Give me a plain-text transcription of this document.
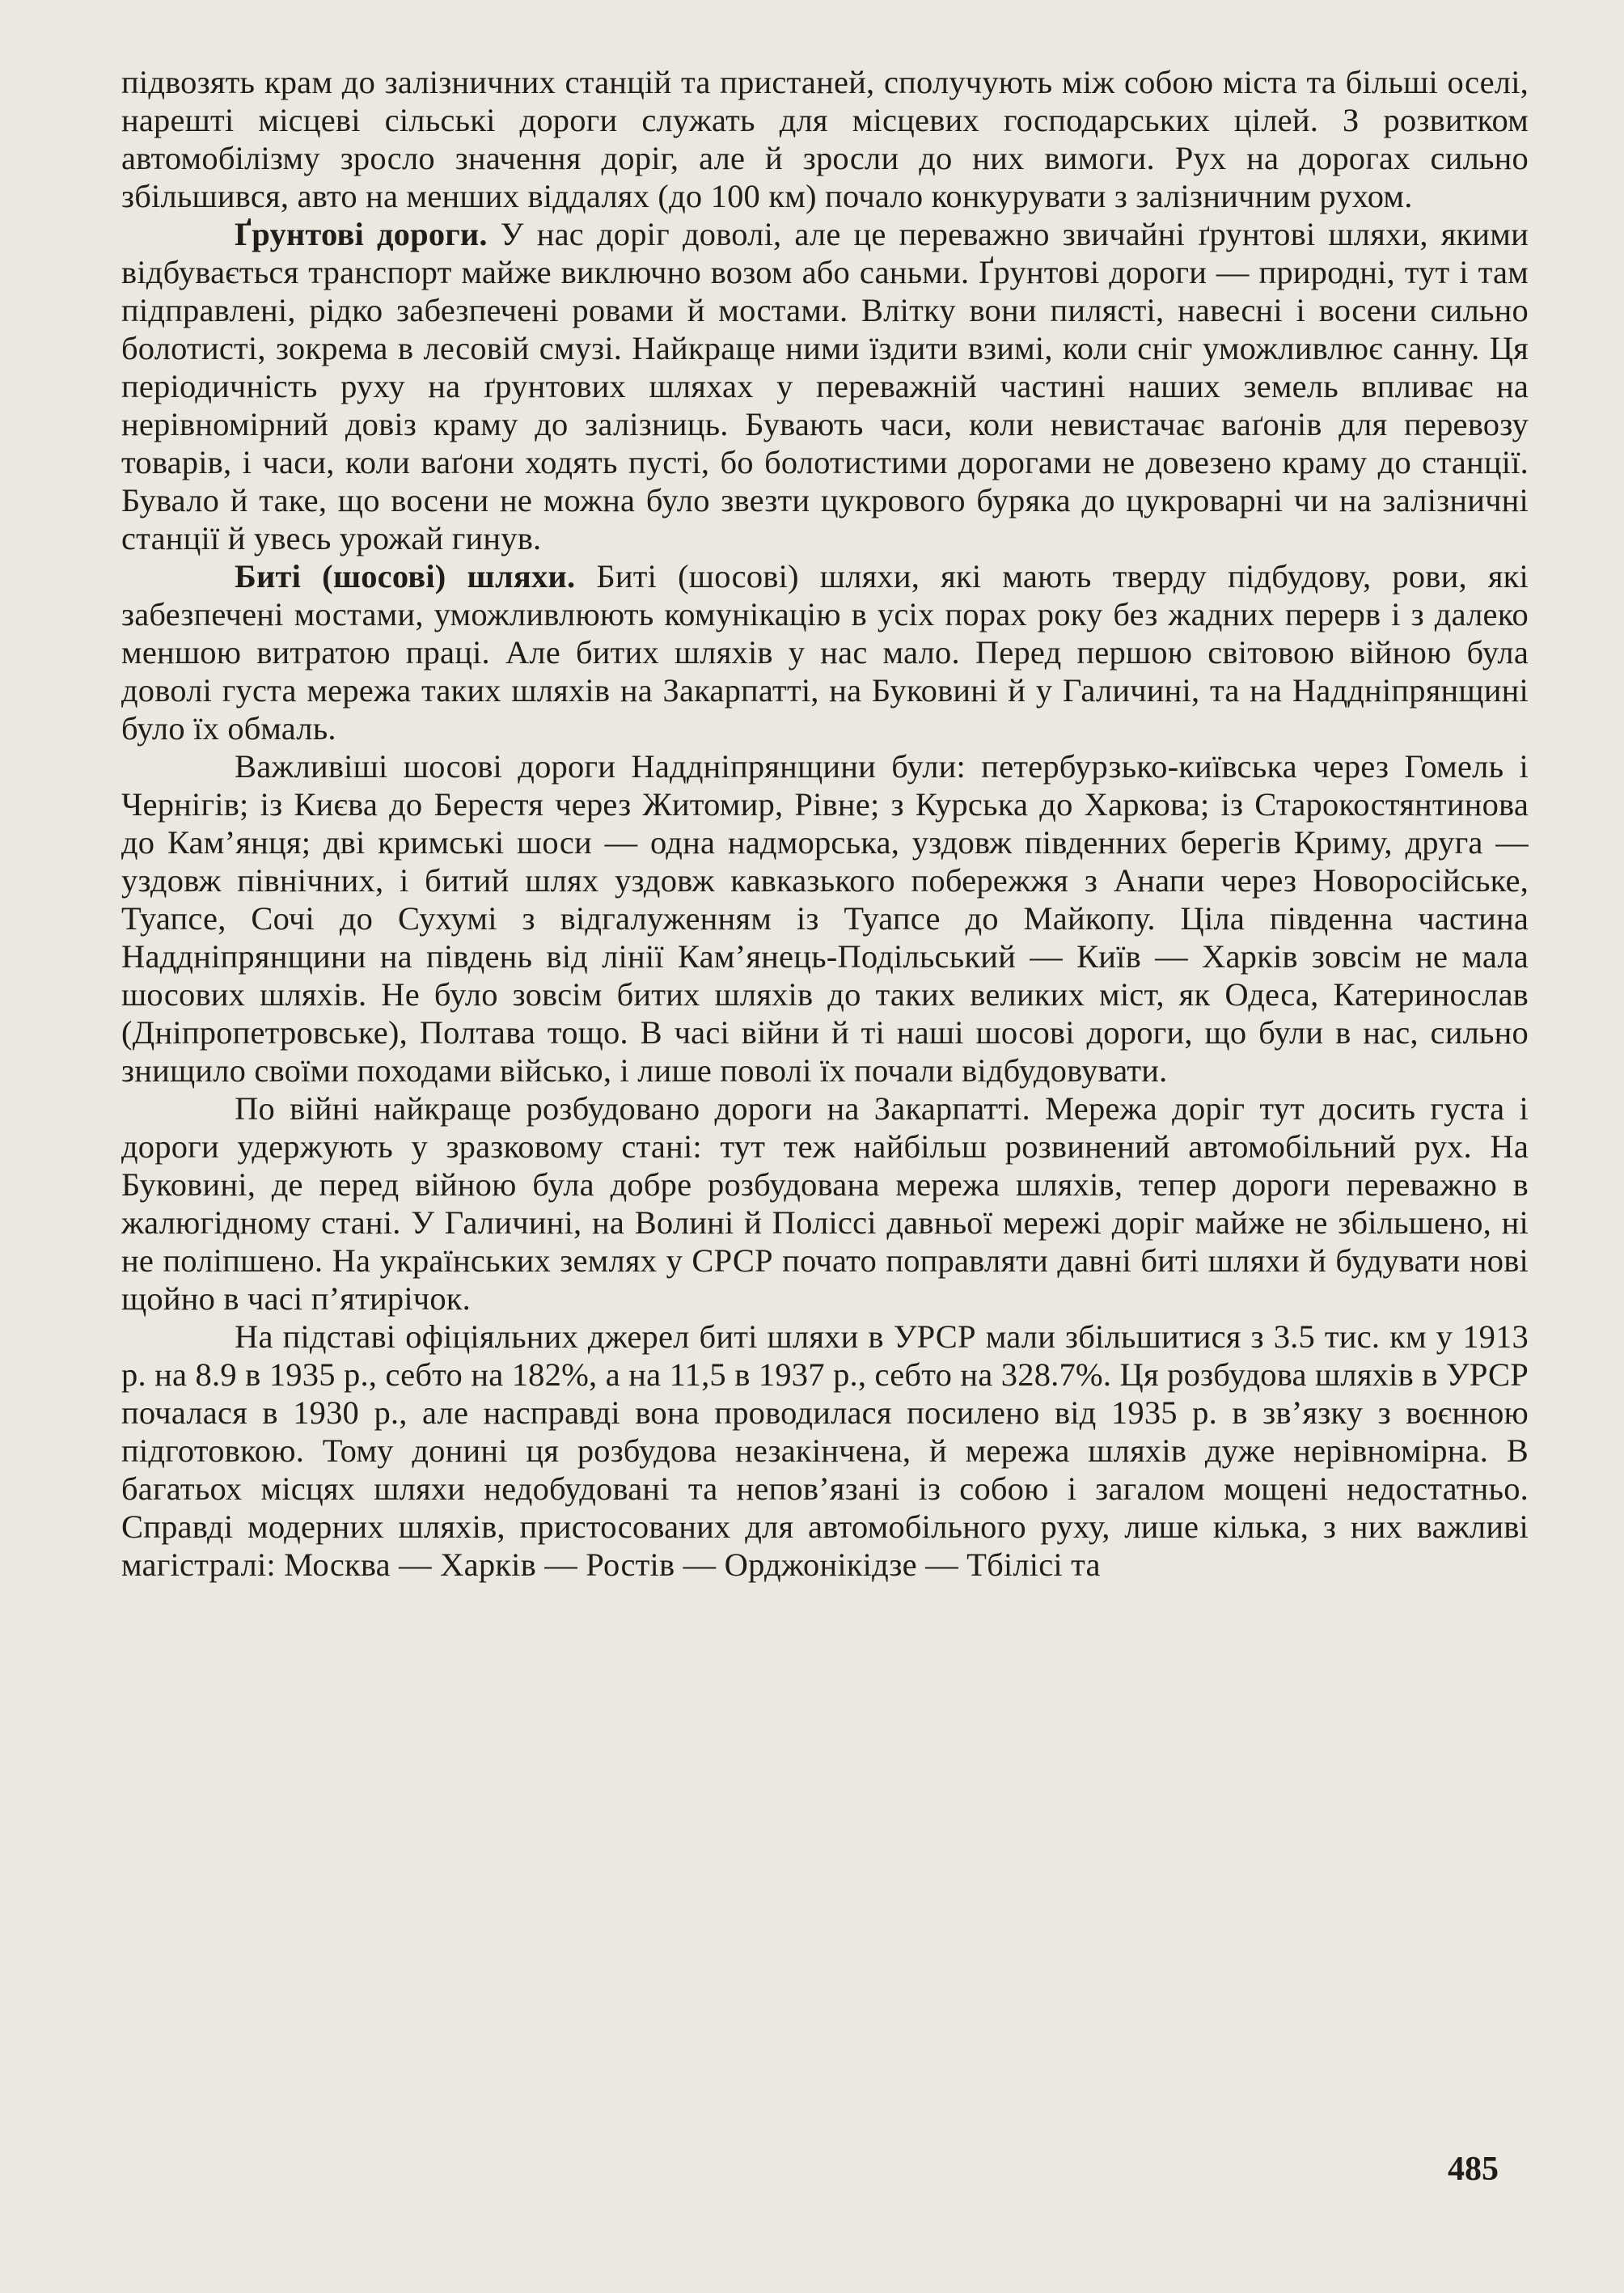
підвозять крам до залізничних станцій та пристаней, сполучують між собою міста та більші оселі, нарешті місцеві сільські дороги служать для місцевих господарських цілей. З розвитком автомобілізму зросло значення доріг, але й зросли до них вимоги. Рух на дорогах сильно збільшився, авто на менших віддалях (до 100 км) почало конкурувати з залізничним рухом.

Ґрунтові дороги. У нас доріг доволі, але це переважно звичайні ґрунтові шляхи, якими відбувається транспорт майже виключно возом або саньми. Ґрунтові дороги — природні, тут і там підправлені, рідко забезпечені ровами й мостами. Влітку вони пилясті, навесні і восени сильно болотисті, зокрема в лесовій смузі. Найкраще ними їздити взимі, коли сніг уможливлює санну. Ця періодичність руху на ґрунтових шляхах у переважній частині наших земель впливає на нерівномірний довіз краму до залізниць. Бувають часи, коли невистачає ваґонів для перевозу товарів, і часи, коли ваґони ходять пусті, бо болотистими дорогами не довезено краму до станції. Бувало й таке, що восени не можна було звезти цукрового буряка до цукроварні чи на залізничні станції й увесь урожай гинув.

Биті (шосові) шляхи. Биті (шосові) шляхи, які мають тверду підбудову, рови, які забезпечені мостами, уможливлюють комунікацію в усіх порах року без жадних перерв і з далеко меншою витратою праці. Але битих шляхів у нас мало. Перед першою світовою війною була доволі густа мережа таких шляхів на Закарпатті, на Буковині й у Галичині, та на Наддніпрянщині було їх обмаль.

Важливіші шосові дороги Наддніпрянщини були: петербурзько-київська через Гомель і Чернігів; із Києва до Берестя через Житомир, Рівне; з Курська до Харкова; із Старокостянтинова до Кам’янця; дві кримські шоси — одна надморська, уздовж південних берегів Криму, друга — уздовж північних, і битий шлях уздовж кавказького побережжя з Анапи через Новоросійське, Туапсе, Сочі до Сухумі з відгалуженням із Туапсе до Майкопу. Ціла південна частина Наддніпрянщини на південь від лінії Кам’янець-Подільський — Київ — Харків зовсім не мала шосових шляхів. Не було зовсім битих шляхів до таких великих міст, як Одеса, Катеринослав (Дніпропетровське), Полтава тощо. В часі війни й ті наші шосові дороги, що були в нас, сильно знищило своїми походами військо, і лише поволі їх почали відбудовувати.

По війні найкраще розбудовано дороги на Закарпатті. Мережа доріг тут досить густа і дороги удержують у зразковому стані: тут теж найбільш розвинений автомобільний рух. На Буковині, де перед війною була добре розбудована мережа шляхів, тепер дороги переважно в жалюгідному стані. У Галичині, на Волині й Поліссі давньої мережі доріг майже не збільшено, ні не поліпшено. На українських землях у СРСР почато поправляти давні биті шляхи й будувати нові щойно в часі п’ятирічок.

На підставі офіціяльних джерел биті шляхи в УРСР мали збільшитися з 3.5 тис. км у 1913 р. на 8.9 в 1935 р., себто на 182%, а на 11,5 в 1937 р., себто на 328.7%. Ця розбудова шляхів в УРСР почалася в 1930 р., але насправді вона проводилася посилено від 1935 р. в зв’язку з воєнною підготовкою. Тому донині ця розбудова незакінчена, й мережа шляхів дуже нерівномірна. В багатьох місцях шляхи недобудовані та непов’язані із собою і загалом мощені недостатньо. Справді модерних шляхів, пристосованих для автомобільного руху, лише кілька, з них важливі магістралі: Москва — Харків — Ростів — Орджонікідзе — Тбілісі та

485
